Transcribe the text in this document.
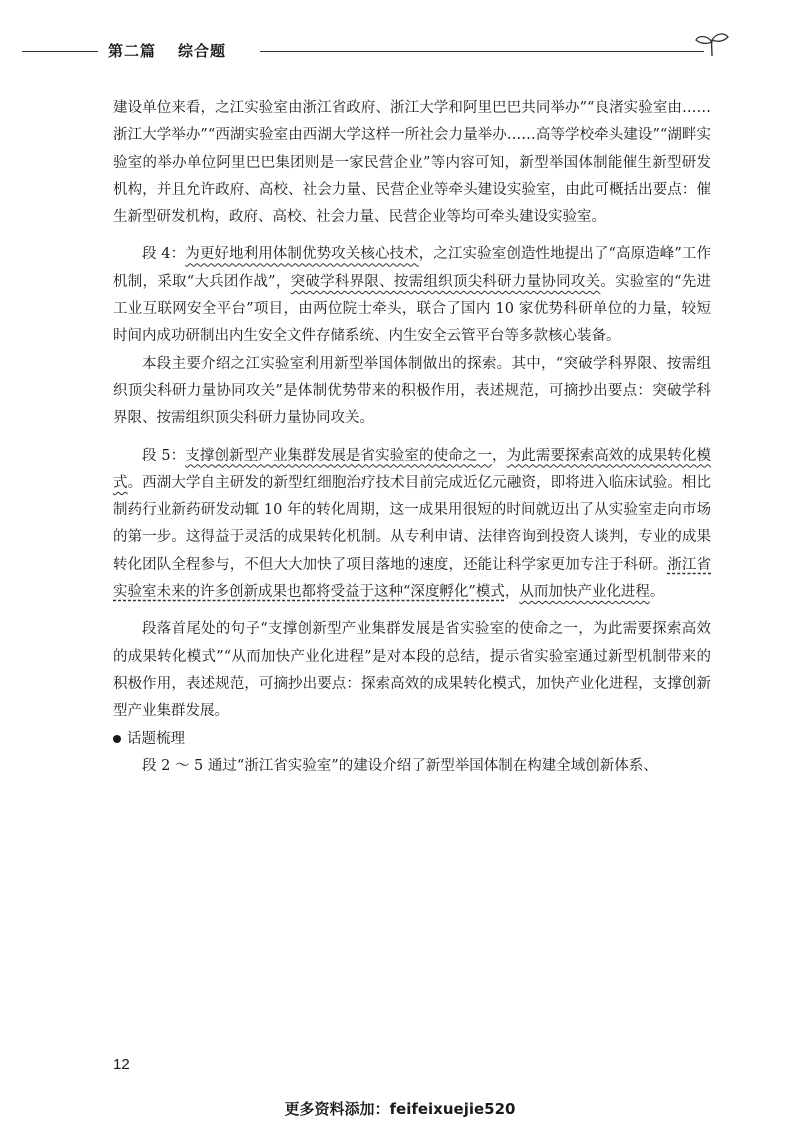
第二篇 综合题

建设单位来看，之江实验室由浙江省政府、浙江大学和阿里巴巴共同举办”“良渚实验室由……浙江大学举办”“西湖实验室由西湖大学这样一所社会力量举办……高等学校牵头建设”“湖畔实验室的举办单位阿里巴巴集团则是一家民营企业”等内容可知，新型举国体制能催生新型研发机构，并且允许政府、高校、社会力量、民营企业等牵头建设实验室，由此可概括出要点：催生新型研发机构，政府、高校、社会力量、民营企业等均可牵头建设实验室。

段 4：为更好地利用体制优势攻关核心技术，之江实验室创造性地提出了“高原造峰”工作机制，采取“大兵团作战”，突破学科界限、按需组织顶尖科研力量协同攻关。实验室的“先进工业互联网安全平台”项目，由两位院士牵头，联合了国内 10 家优势科研单位的力量，较短时间内成功研制出内生安全文件存储系统、内生安全云管平台等多款核心装备。

本段主要介绍之江实验室利用新型举国体制做出的探索。其中，“突破学科界限、按需组织顶尖科研力量协同攻关”是体制优势带来的积极作用，表述规范，可摘抄出要点：突破学科界限、按需组织顶尖科研力量协同攻关。

段 5：支撑创新型产业集群发展是省实验室的使命之一，为此需要探索高效的成果转化模式。西湖大学自主研发的新型红细胞治疗技术目前完成近亿元融资，即将进入临床试验。相比制药行业新药研发动辄 10 年的转化周期，这一成果用很短的时间就迈出了从实验室走向市场的第一步。这得益于灵活的成果转化机制。从专利申请、法律咨询到投资人谈判，专业的成果转化团队全程参与，不但大大加快了项目落地的速度，还能让科学家更加专注于科研。浙江省实验室未来的许多创新成果也都将受益于这种“深度孵化”模式，从而加快产业化进程。

段落首尾处的句子“支撑创新型产业集群发展是省实验室的使命之一，为此需要探索高效的成果转化模式”“从而加快产业化进程”是对本段的总结，提示省实验室通过新型机制带来的积极作用，表述规范，可摘抄出要点：探索高效的成果转化模式，加快产业化进程，支撑创新型产业集群发展。

话题梳理

段 2 ～ 5 通过“浙江省实验室”的建设介绍了新型举国体制在构建全域创新体系、

12
更多资料添加：feifeixuejie520
